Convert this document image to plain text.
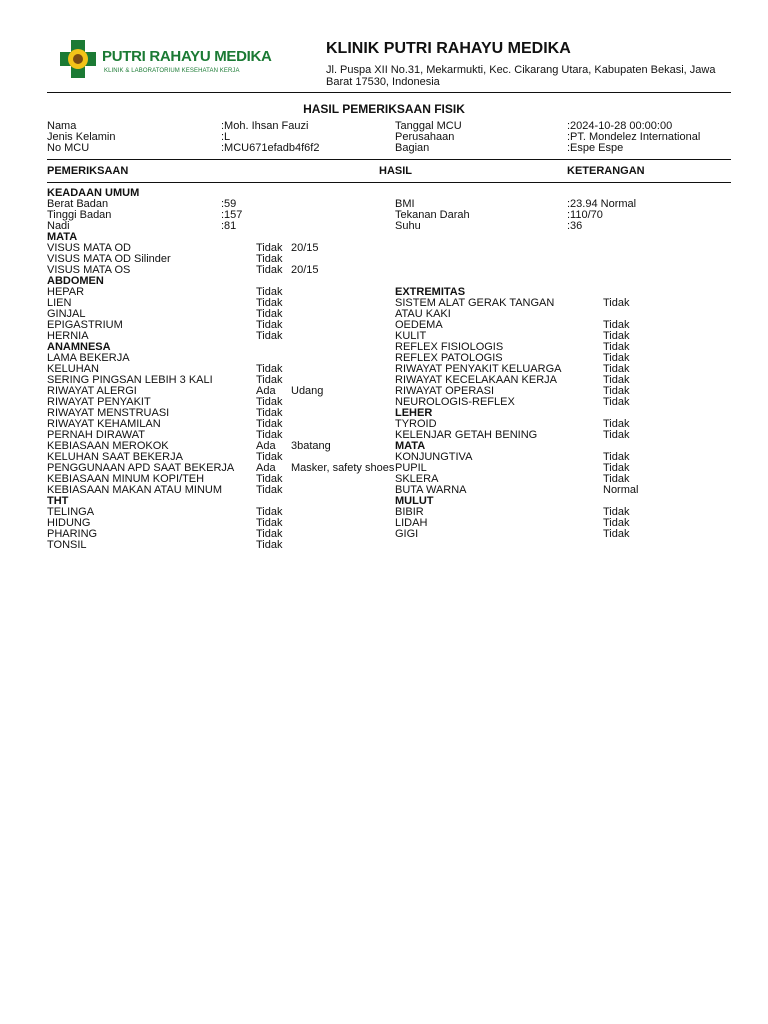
PUTRI RAHAYU MEDIKA
KLINIK & LABORATORIUM KESEHATAN KERJA
KLINIK PUTRI RAHAYU MEDIKA
Jl. Puspa XII No.31, Mekarmukti, Kec. Cikarang Utara, Kabupaten Bekasi, Jawa Barat 17530, Indonesia
HASIL PEMERIKSAAN FISIK
Nama	:Moh. Ihsan Fauzi	Tanggal MCU	:2024-10-28 00:00:00
Jenis Kelamin	:L	Perusahaan	:PT. Mondelez International
No MCU	:MCU671efadb4f6f2	Bagian	:Espe Espe
PEMERIKSAAN	HASIL	KETERANGAN
KEADAAN UMUM
Berat Badan	:59	BMI	:23.94 Normal
Tinggi Badan	:157	Tekanan Darah	:110/70
Nadi	:81	Suhu	:36
MATA
VISUS MATA OD	Tidak 20/15
VISUS MATA OD Silinder	Tidak
VISUS MATA OS	Tidak 20/15
ABDOMEN
HEPAR	Tidak
LIEN	Tidak
GINJAL	Tidak
EPIGASTRIUM	Tidak
HERNIA	Tidak
ANAMNESA
LAMA BEKERJA
KELUHAN	Tidak
SERING PINGSAN LEBIH 3 KALI	Tidak
RIWAYAT ALERGI	Ada Udang
RIWAYAT PENYAKIT	Tidak
RIWAYAT MENSTRUASI	Tidak
RIWAYAT KEHAMILAN	Tidak
PERNAH DIRAWAT	Tidak
KEBIASAAN MEROKOK	Ada 3batang
KELUHAN SAAT BEKERJA	Tidak
PENGGUNAAN APD SAAT BEKERJA Ada Masker, safety shoes
KEBIASAAN MINUM KOPI/TEH	Tidak
KEBIASAAN MAKAN ATAU MINUM	Tidak
THT
TELINGA	Tidak
HIDUNG	Tidak
PHARING	Tidak
TONSIL	Tidak
EXTREMITAS
SISTEM ALAT GERAK TANGAN	Tidak
ATAU KAKI
OEDEMA	Tidak
KULIT	Tidak
REFLEX FISIOLOGIS	Tidak
REFLEX PATOLOGIS	Tidak
RIWAYAT PENYAKIT KELUARGA	Tidak
RIWAYAT KECELAKAAN KERJA	Tidak
RIWAYAT OPERASI	Tidak
NEUROLOGIS-REFLEX	Tidak
LEHER
TYROID	Tidak
KELENJAR GETAH BENING	Tidak
MATA
KONJUNGTIVA	Tidak
PUPIL	Tidak
SKLERA	Tidak
BUTA WARNA	Normal
MULUT
BIBIR	Tidak
LIDAH	Tidak
GIGI	Tidak
